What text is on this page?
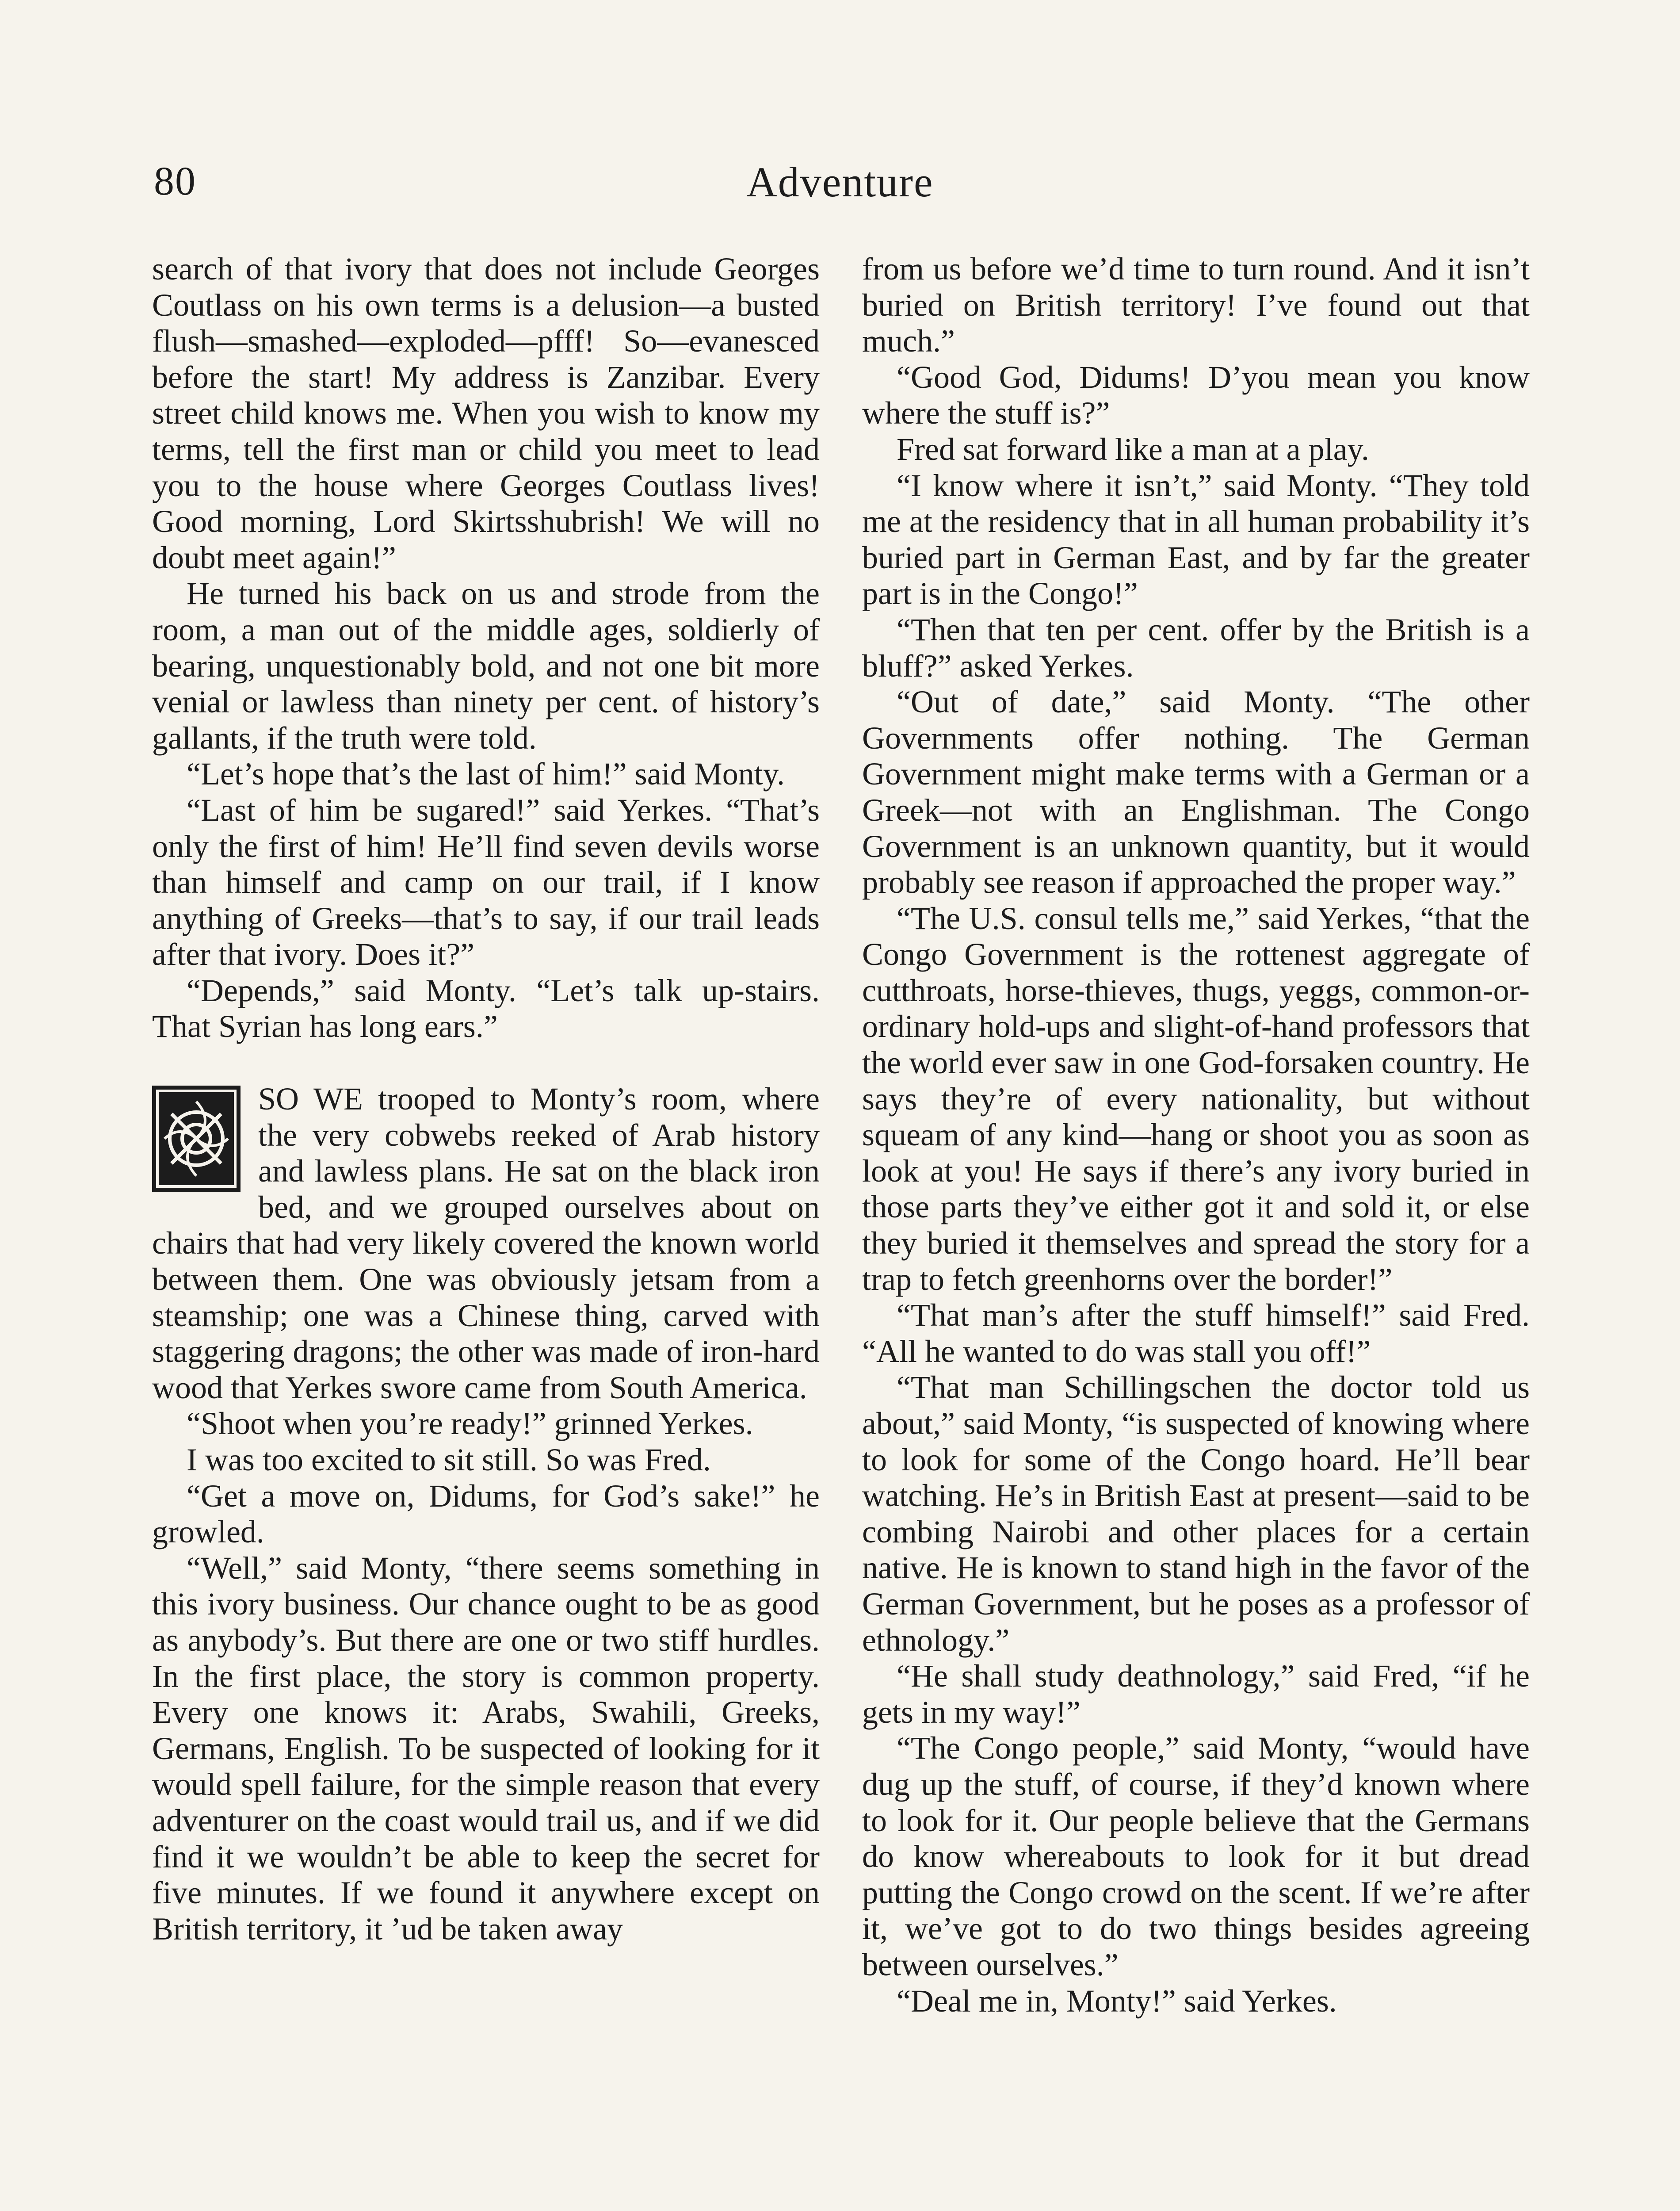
80	Adventure

search of that ivory that does not include Georges Coutlass on his own terms is a delusion—a busted flush—smashed—exploded—pfff! So—evanesced before the start! My address is Zanzibar. Every street child knows me. When you wish to know my terms, tell the first man or child you meet to lead you to the house where Georges Coutlass lives! Good morning, Lord Skirtsshubrish! We will no doubt meet again!”

He turned his back on us and strode from the room, a man out of the middle ages, soldierly of bearing, unquestionably bold, and not one bit more venial or lawless than ninety per cent. of history’s gallants, if the truth were told.

“Let’s hope that’s the last of him!” said Monty.

“Last of him be sugared!” said Yerkes. “That’s only the first of him! He’ll find seven devils worse than himself and camp on our trail, if I know anything of Greeks—that’s to say, if our trail leads after that ivory. Does it?”

“Depends,” said Monty. “Let’s talk up-stairs. That Syrian has long ears.”

SO WE trooped to Monty’s room, where the very cobwebs reeked of Arab history and lawless plans. He sat on the black iron bed, and we grouped ourselves about on chairs that had very likely covered the known world between them. One was obviously jetsam from a steamship; one was a Chinese thing, carved with staggering dragons; the other was made of iron-hard wood that Yerkes swore came from South America.

“Shoot when you’re ready!” grinned Yerkes.

I was too excited to sit still. So was Fred.

“Get a move on, Didums, for God’s sake!” he growled.

“Well,” said Monty, “there seems something in this ivory business. Our chance ought to be as good as anybody’s. But there are one or two stiff hurdles. In the first place, the story is common property. Every one knows it: Arabs, Swahili, Greeks, Germans, English. To be suspected of looking for it would spell failure, for the simple reason that every adventurer on the coast would trail us, and if we did find it we wouldn’t be able to keep the secret for five minutes. If we found it anywhere except on British territory, it ’ud be taken away

from us before we’d time to turn round. And it isn’t buried on British territory! I’ve found out that much.”

“Good God, Didums! D’you mean you know where the stuff is?”

Fred sat forward like a man at a play.

“I know where it isn’t,” said Monty. “They told me at the residency that in all human probability it’s buried part in German East, and by far the greater part is in the Congo!”

“Then that ten per cent. offer by the British is a bluff?” asked Yerkes.

“Out of date,” said Monty. “The other Governments offer nothing. The German Government might make terms with a German or a Greek—not with an Englishman. The Congo Government is an unknown quantity, but it would probably see reason if approached the proper way.”

“The U.S. consul tells me,” said Yerkes, “that the Congo Government is the rottenest aggregate of cutthroats, horse-thieves, thugs, yeggs, common-or-ordinary hold-ups and slight-of-hand professors that the world ever saw in one God-forsaken country. He says they’re of every nationality, but without squeam of any kind—hang or shoot you as soon as look at you! He says if there’s any ivory buried in those parts they’ve either got it and sold it, or else they buried it themselves and spread the story for a trap to fetch greenhorns over the border!”

“That man’s after the stuff himself!” said Fred. “All he wanted to do was stall you off!”

“That man Schillingschen the doctor told us about,” said Monty, “is suspected of knowing where to look for some of the Congo hoard. He’ll bear watching. He’s in British East at present—said to be combing Nairobi and other places for a certain native. He is known to stand high in the favor of the German Government, but he poses as a professor of ethnology.”

“He shall study deathnology,” said Fred, “if he gets in my way!”

“The Congo people,” said Monty, “would have dug up the stuff, of course, if they’d known where to look for it. Our people believe that the Germans do know whereabouts to look for it but dread putting the Congo crowd on the scent. If we’re after it, we’ve got to do two things besides agreeing between ourselves.”

“Deal me in, Monty!” said Yerkes.
